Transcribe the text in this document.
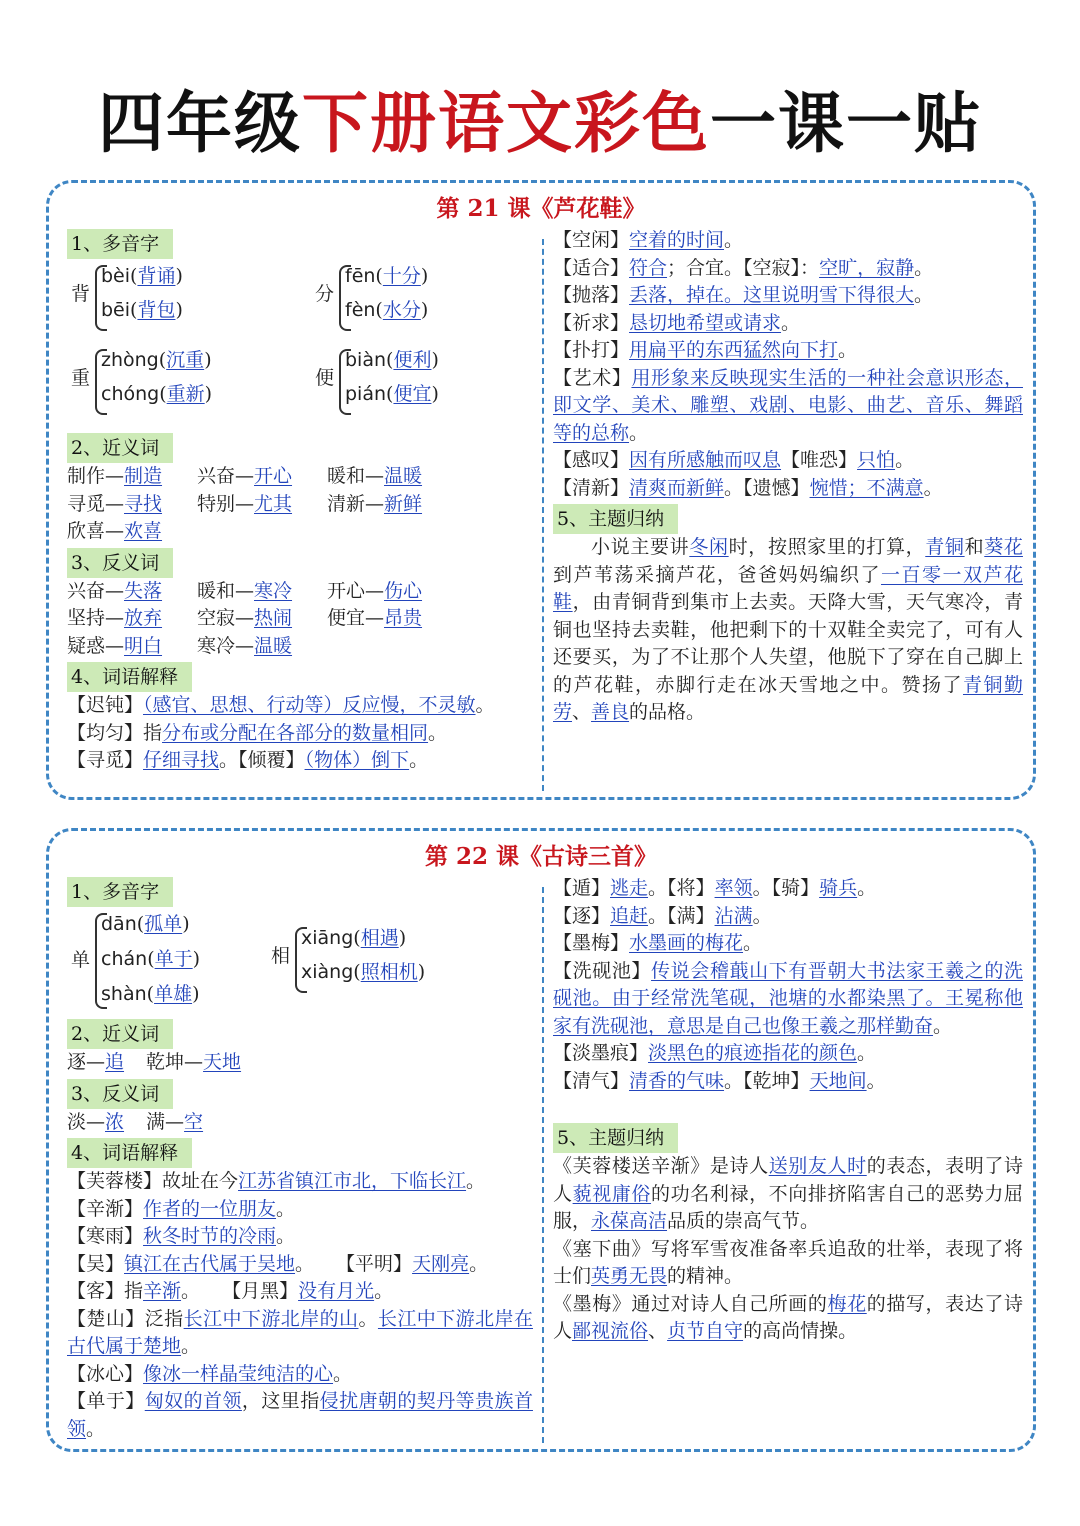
四年级下册语文彩色一课一贴
第 21 课《芦花鞋》
1、多音字
背
bèi(背诵)
bēi(背包)
分
fēn(十分)
fèn(水分)
重
zhòng(沉重)
chóng(重新)
便
biàn(便利)
pián(便宜)
2、近义词
制作—制造 兴奋—开心 暖和—温暖
寻觅—寻找 特别—尤其 清新—新鲜
欣喜—欢喜
3、反义词
兴奋—失落 暖和—寒冷 开心—伤心
坚持—放弃 空寂—热闹 便宜—昂贵
疑惑—明白 寒冷—温暖
4、词语解释
【迟钝】（感官、思想、行动等）反应慢，不灵敏。
【均匀】指分布或分配在各部分的数量相同。
【寻觅】仔细寻找。【倾覆】（物体）倒下。
【空闲】空着的时间。
【适合】符合；合宜。【空寂】：空旷，寂静。
【抛落】丢落，掉在。这里说明雪下得很大。
【祈求】恳切地希望或请求。
【扑打】用扁平的东西猛然向下打。
【艺术】用形象来反映现实生活的一种社会意识形态，即文学、美术、雕塑、戏剧、电影、曲艺、音乐、舞蹈等的总称。
【感叹】因有所感触而叹息【唯恐】只怕。
【清新】清爽而新鲜。【遗憾】惋惜；不满意。
5、主题归纳
小说主要讲冬闲时，按照家里的打算，青铜和葵花到芦苇荡采摘芦花，爸爸妈妈编织了一百零一双芦花鞋，由青铜背到集市上去卖。天降大雪，天气寒冷，青铜也坚持去卖鞋，他把剩下的十双鞋全卖完了，可有人还要买，为了不让那个人失望，他脱下了穿在自己脚上的芦花鞋，赤脚行走在冰天雪地之中。赞扬了青铜勤劳、善良的品格。
第 22 课《古诗三首》
1、多音字
单
dān(孤单)
chán(单于)
shàn(单雄)
相
xiāng(相遇)
xiàng(照相机)
2、近义词
逐—追 乾坤—天地
3、反义词
淡—浓 满—空
4、词语解释
【芙蓉楼】故址在今江苏省镇江市北，下临长江。
【辛渐】作者的一位朋友。
【寒雨】秋冬时节的冷雨。
【吴】镇江在古代属于吴地。 【平明】天刚亮。
【客】指辛渐。 【月黑】没有月光。
【楚山】泛指长江中下游北岸的山。长江中下游北岸在古代属于楚地。
【冰心】像冰一样晶莹纯洁的心。
【单于】匈奴的首领，这里指侵扰唐朝的契丹等贵族首领。
【遁】逃走。【将】率领。【骑】骑兵。
【逐】追赶。【满】沾满。
【墨梅】水墨画的梅花。
【洗砚池】传说会稽蕺山下有晋朝大书法家王羲之的洗砚池。由于经常洗笔砚，池塘的水都染黑了。王冕称他家有洗砚池，意思是自己也像王羲之那样勤奋。
【淡墨痕】淡黑色的痕迹指花的颜色。
【清气】清香的气味。【乾坤】天地间。
5、主题归纳
《芙蓉楼送辛渐》是诗人送别友人时的表态，表明了诗人藐视庸俗的功名利禄，不向排挤陷害自己的恶势力屈服，永葆高洁品质的崇高气节。
《塞下曲》写将军雪夜准备率兵追敌的壮举，表现了将士们英勇无畏的精神。
《墨梅》通过对诗人自己所画的梅花的描写，表达了诗人鄙视流俗、贞节自守的高尚情操。
